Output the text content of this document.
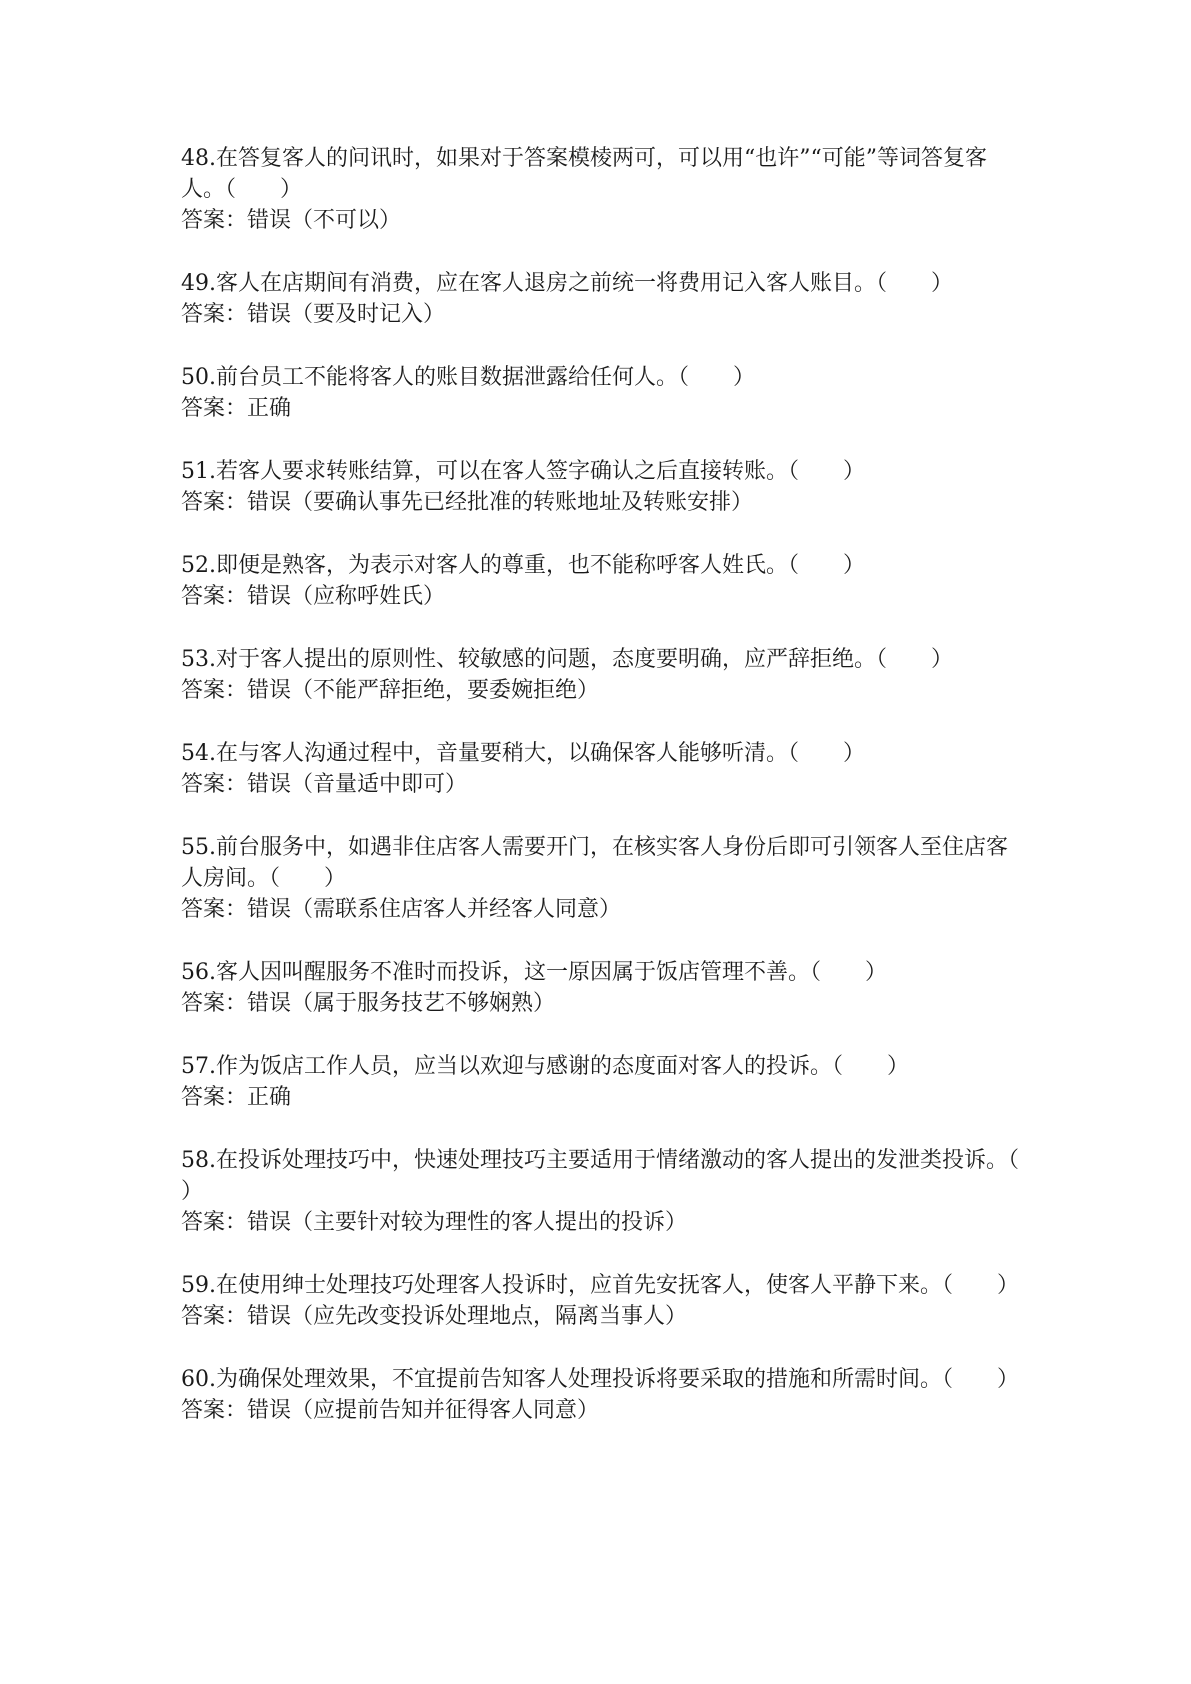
48.在答复客人的问讯时，如果对于答案模棱两可，可以用“也许”“可能”等词答复客人。（　　）
答案：错误（不可以）
49.客人在店期间有消费，应在客人退房之前统一将费用记入客人账目。（　　）
答案：错误（要及时记入）
50.前台员工不能将客人的账目数据泄露给任何人。（　　）
答案：正确
51.若客人要求转账结算，可以在客人签字确认之后直接转账。（　　）
答案：错误（要确认事先已经批准的转账地址及转账安排）
52.即便是熟客，为表示对客人的尊重，也不能称呼客人姓氏。（　　）
答案：错误（应称呼姓氏）
53.对于客人提出的原则性、较敏感的问题，态度要明确，应严辞拒绝。（　　）
答案：错误（不能严辞拒绝，要委婉拒绝）
54.在与客人沟通过程中，音量要稍大，以确保客人能够听清。（　　）
答案：错误（音量适中即可）
55.前台服务中，如遇非住店客人需要开门，在核实客人身份后即可引领客人至住店客人房间。（　　）
答案：错误（需联系住店客人并经客人同意）
56.客人因叫醒服务不准时而投诉，这一原因属于饭店管理不善。（　　）
答案：错误（属于服务技艺不够娴熟）
57.作为饭店工作人员，应当以欢迎与感谢的态度面对客人的投诉。（　　）
答案：正确
58.在投诉处理技巧中，快速处理技巧主要适用于情绪激动的客人提出的发泄类投诉。（　　）
答案：错误（主要针对较为理性的客人提出的投诉）
59.在使用绅士处理技巧处理客人投诉时，应首先安抚客人，使客人平静下来。（　　）
答案：错误（应先改变投诉处理地点，隔离当事人）
60.为确保处理效果，不宜提前告知客人处理投诉将要采取的措施和所需时间。（　　）
答案：错误（应提前告知并征得客人同意）
